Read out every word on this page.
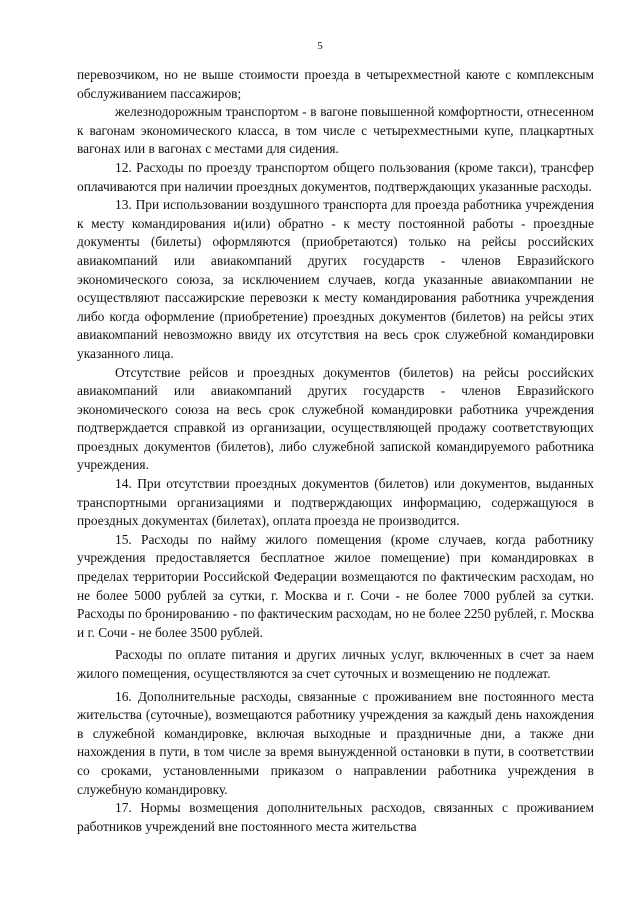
5

перевозчиком, но не выше стоимости проезда в четырехместной каюте с комплексным обслуживанием пассажиров;

железнодорожным транспортом - в вагоне повышенной комфортности, отнесенном к вагонам экономического класса, в том числе с четырехместными купе, плацкартных вагонах или в вагонах с местами для сидения.

12. Расходы по проезду транспортом общего пользования (кроме такси), трансфер оплачиваются при наличии проездных документов, подтверждающих указанные расходы.

13. При использовании воздушного транспорта для проезда работника учреждения к месту командирования и(или) обратно - к месту постоянной работы - проездные документы (билеты) оформляются (приобретаются) только на рейсы российских авиакомпаний или авиакомпаний других государств - членов Евразийского экономического союза, за исключением случаев, когда указанные авиакомпании не осуществляют пассажирские перевозки к месту командирования работника учреждения либо когда оформление (приобретение) проездных документов (билетов) на рейсы этих авиакомпаний невозможно ввиду их отсутствия на весь срок служебной командировки указанного лица.

Отсутствие рейсов и проездных документов (билетов) на рейсы российских авиакомпаний или авиакомпаний других государств - членов Евразийского экономического союза на весь срок служебной командировки работника учреждения подтверждается справкой из организации, осуществляющей продажу соответствующих проездных документов (билетов), либо служебной запиской командируемого работника учреждения.

14. При отсутствии проездных документов (билетов) или документов, выданных транспортными организациями и подтверждающих информацию, содержащуюся в проездных документах (билетах), оплата проезда не производится.

15. Расходы по найму жилого помещения (кроме случаев, когда работнику учреждения предоставляется бесплатное жилое помещение) при командировках в пределах территории Российской Федерации возмещаются по фактическим расходам, но не более 5000 рублей за сутки, г. Москва и г. Сочи - не более 7000 рублей за сутки. Расходы по бронированию - по фактическим расходам, но не более 2250 рублей, г. Москва и г. Сочи - не более 3500 рублей.

Расходы по оплате питания и других личных услуг, включенных в счет за наем жилого помещения, осуществляются за счет суточных и возмещению не подлежат.

16. Дополнительные расходы, связанные с проживанием вне постоянного места жительства (суточные), возмещаются работнику учреждения за каждый день нахождения в служебной командировке, включая выходные и праздничные дни, а также дни нахождения в пути, в том числе за время вынужденной остановки в пути, в соответствии со сроками, установленными приказом о направлении работника учреждения в служебную командировку.

17. Нормы возмещения дополнительных расходов, связанных с проживанием работников учреждений вне постоянного места жительства
